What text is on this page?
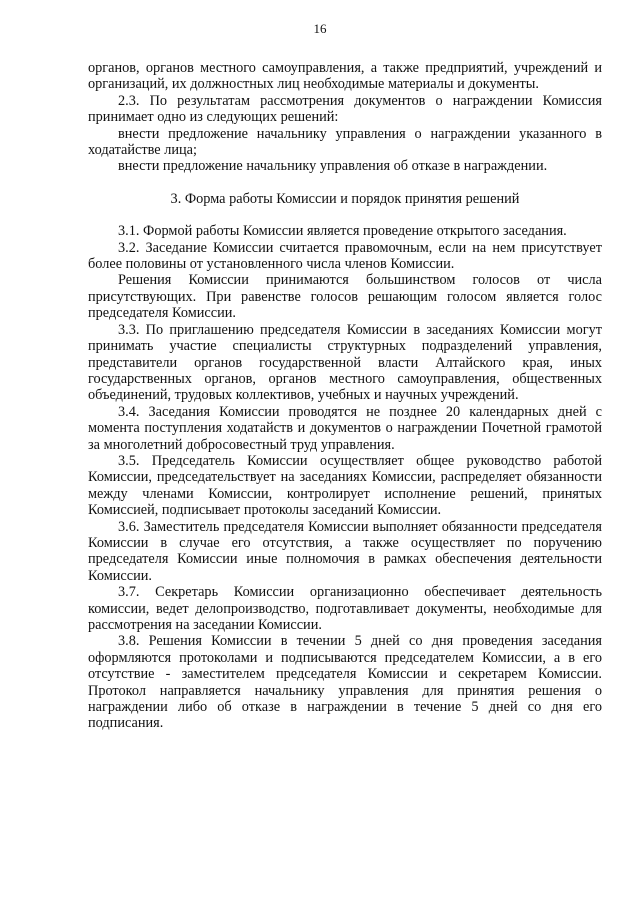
16

органов, органов местного самоуправления, а также предприятий, учреждений и организаций, их должностных лиц необходимые материалы и документы.

2.3. По результатам рассмотрения документов о награждении Комиссия принимает одно из следующих решений:

внести предложение начальнику управления о награждении указанного в ходатайстве лица;

внести предложение начальнику управления об отказе в награждении.

3. Форма работы Комиссии и порядок принятия решений

3.1. Формой работы Комиссии является проведение открытого заседания.

3.2. Заседание Комиссии считается правомочным, если на нем присутствует более половины от установленного числа членов Комиссии.

Решения Комиссии принимаются большинством голосов от числа присутствующих. При равенстве голосов решающим голосом является голос председателя Комиссии.

3.3. По приглашению председателя Комиссии в заседаниях Комиссии могут принимать участие специалисты структурных подразделений управления, представители органов государственной власти Алтайского края, иных государственных органов, органов местного самоуправления, общественных объединений, трудовых коллективов, учебных и научных учреждений.

3.4. Заседания Комиссии проводятся не позднее 20 календарных дней с момента поступления ходатайств и документов о награждении Почетной грамотой за многолетний добросовестный труд управления.

3.5. Председатель Комиссии осуществляет общее руководство работой Комиссии, председательствует на заседаниях Комиссии, распределяет обязанности между членами Комиссии, контролирует исполнение решений, принятых Комиссией, подписывает протоколы заседаний Комиссии.

3.6. Заместитель председателя Комиссии выполняет обязанности председателя Комиссии в случае его отсутствия, а также осуществляет по поручению председателя Комиссии иные полномочия в рамках обеспечения деятельности Комиссии.

3.7. Секретарь Комиссии организационно обеспечивает деятельность комиссии, ведет делопроизводство, подготавливает документы, необходимые для рассмотрения на заседании Комиссии.

3.8. Решения Комиссии в течении 5 дней со дня проведения заседания оформляются протоколами и подписываются председателем Комиссии, а в его отсутствие - заместителем председателя Комиссии и секретарем Комиссии. Протокол направляется начальнику управления для принятия решения о награждении либо об отказе в награждении в течение 5 дней со дня его подписания.
